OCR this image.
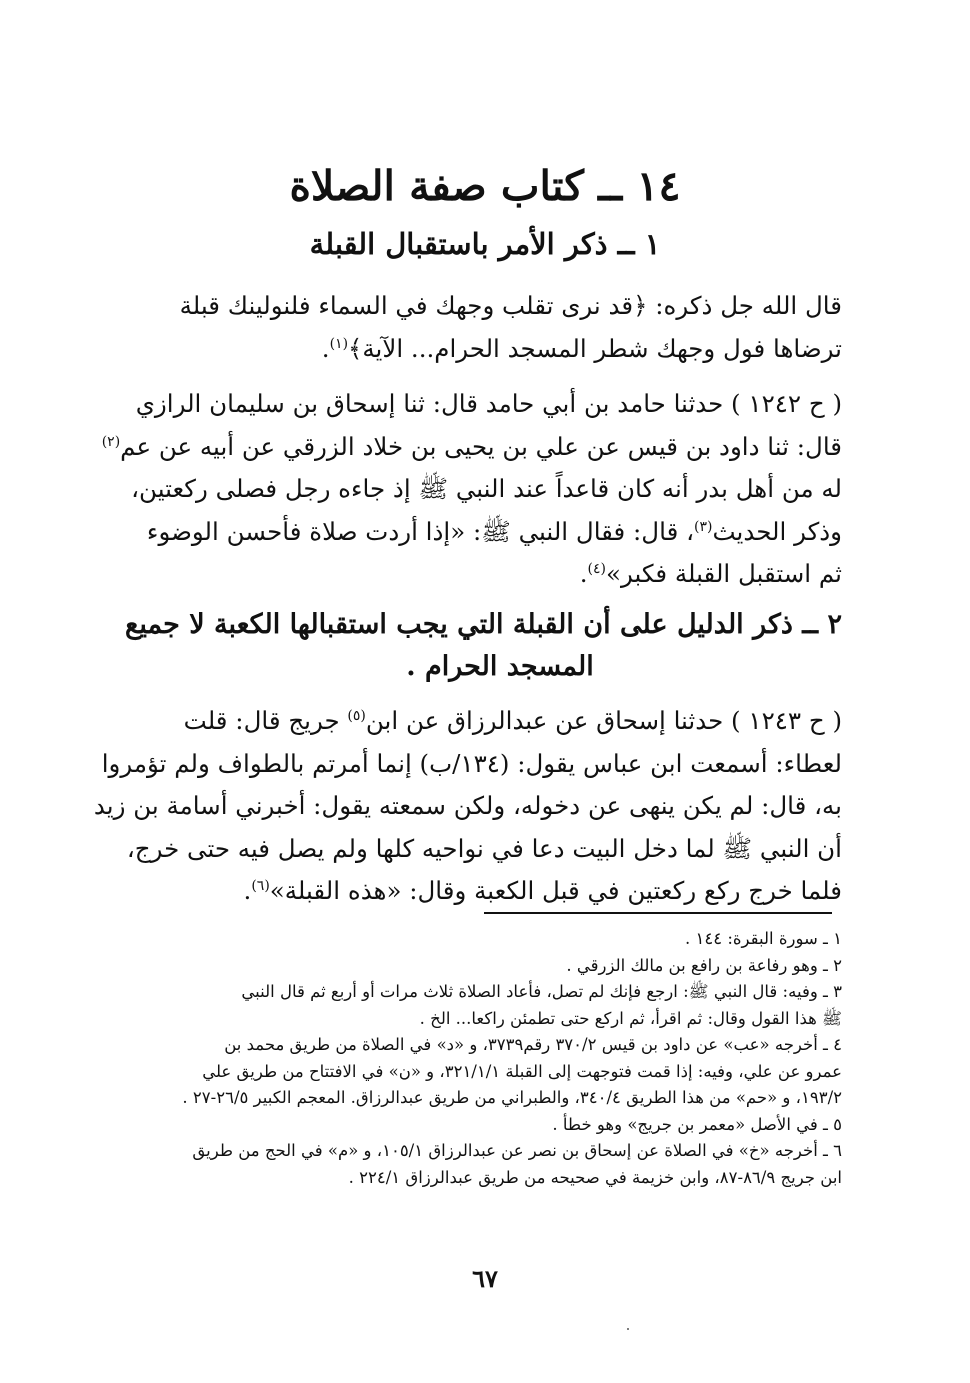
١٤ ــ كتاب صفة الصلاة
١ ــ ذكر الأمر باستقبال القبلة
قال الله جل ذكره: ﴿قد نرى تقلب وجهك في السماء فلنولينك قبلة
ترضاها فول وجهك شطر المسجد الحرام... الآية﴾$^{(١)}$.
( ح ١٢٤٢ ) حدثنا حامد بن أبي حامد قال: ثنا إسحاق بن سليمان الرازي
قال: ثنا داود بن قيس عن علي بن يحيى بن خلاد الزرقي عن أبيه عن عم$^{(٢)}$
له من أهل بدر أنه كان قاعداً عند النبي ﷺ إذ جاءه رجل فصلى ركعتين،
وذكر الحديث$^{(٣)}$، قال: فقال النبي ﷺ: «إذا أردت صلاة فأحسن الوضوء
ثم استقبل القبلة فكبر»$^{(٤)}$.
٢ ــ ذكر الدليل على أن القبلة التي يجب استقبالها الكعبة لا جميع
المسجد الحرام .
( ح ١٢٤٣ ) حدثنا إسحاق عن عبدالرزاق عن ابن$^{(٥)}$ جريج قال: قلت
لعطاء: أسمعت ابن عباس يقول: (١٣٤/ب) إنما أمرتم بالطواف ولم تؤمروا
به، قال: لم يكن ينهى عن دخوله، ولكن سمعته يقول: أخبرني أسامة بن زيد
أن النبي ﷺ لما دخل البيت دعا في نواحيه كلها ولم يصل فيه حتى خرج،
فلما خرج ركع ركعتين في قبل الكعبة وقال: «هذه القبلة»$^{(٦)}$.
١ ـ سورة البقرة: ١٤٤ .
٢ ـ وهو رفاعة بن رافع بن مالك الزرقي .
٣ ـ وفيه: قال النبي ﷺ: ارجع فإنك لم تصل، فأعاد الصلاة ثلاث مرات أو أربع ثم قال النبي
ﷺ هذا القول وقال: ثم اقرأ، ثم اركع حتى تطمئن راكعا... الخ .
٤ ـ أخرجه «عب» عن داود بن قيس ٣٧٠/٢ رقم٣٧٣٩، و «د» في الصلاة من طريق محمد بن
عمرو عن علي، وفيه: إذا قمت فتوجهت إلى القبلة ٣٢١/١/١، و «ن» في الافتتاح من طريق علي
١٩٣/٢، و «حم» من هذا الطريق ٣٤٠/٤، والطبراني من طريق عبدالرزاق. المعجم الكبير ٢٦/٥-٢٧ .
٥ ـ في الأصل «معمر بن جريج» وهو خطأ .
٦ ـ أخرجه «خ» في الصلاة عن إسحاق بن نصر عن عبدالرزاق ١٠٥/١، و «م» في الحج من طريق
ابن جريج ٨٦/٩-٨٧، وابن خزيمة في صحيحه من طريق عبدالرزاق ٢٢٤/١ .
٦٧
